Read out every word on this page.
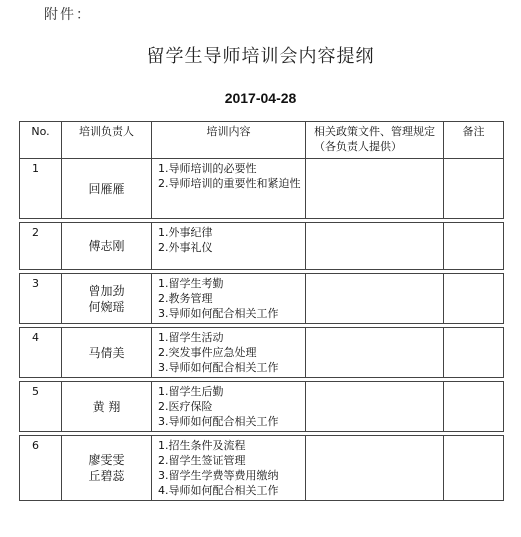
附件：
留学生导师培训会内容提纲
2017-04-28
No.	培训负责人	培训内容	相关政策文件、管理规定（各负责人提供）	备注
1	回雁雁	1.导师培训的必要性
2.导师培训的重要性和紧迫性		

2	傅志刚	1.外事纪律
2.外事礼仪		

3	曾加劲
何婉瑶	1.留学生考勤
2.教务管理
3.导师如何配合相关工作		

4	马倩美	1.留学生活动
2.突发事件应急处理
3.导师如何配合相关工作		

5	黄 翔	1.留学生后勤
2.医疗保险
3.导师如何配合相关工作		

6	廖雯雯
丘碧蕊	1.招生条件及流程
2.留学生签证管理
3.留学生学费等费用缴纳
4.导师如何配合相关工作		
